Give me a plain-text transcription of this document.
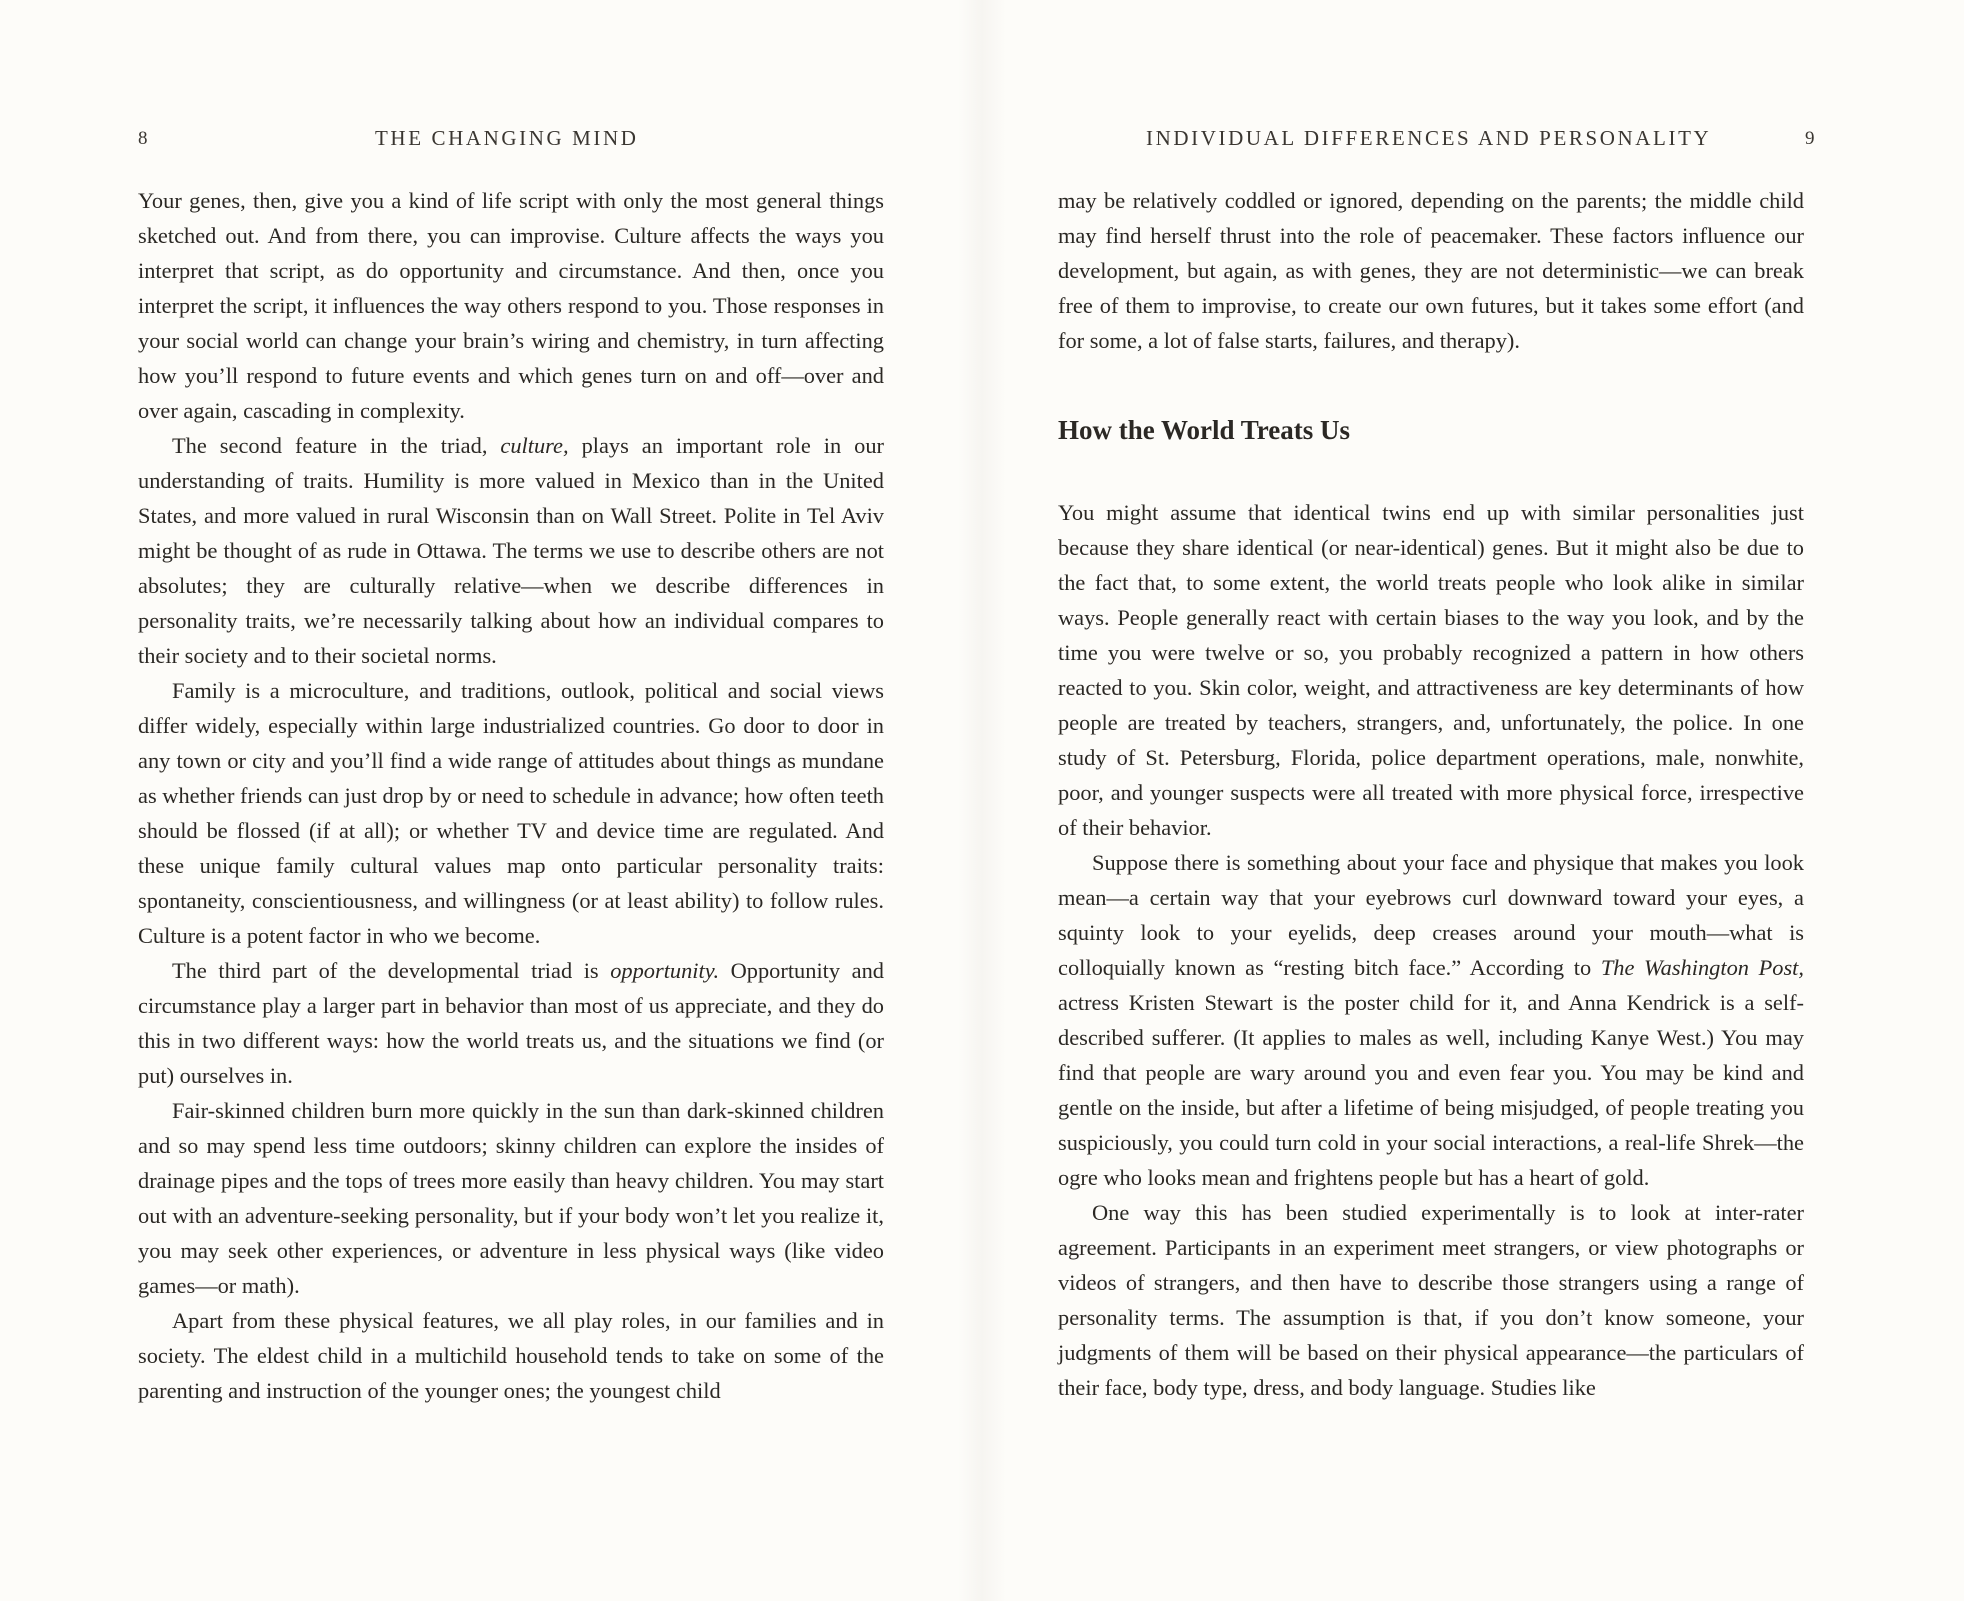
8	THE CHANGING MIND

Your genes, then, give you a kind of life script with only the most general things sketched out. And from there, you can improvise. Culture affects the ways you interpret that script, as do opportunity and circumstance. And then, once you interpret the script, it influences the way others respond to you. Those responses in your social world can change your brain’s wiring and chemistry, in turn affecting how you’ll respond to future events and which genes turn on and off—over and over again, cascading in complexity.

The second feature in the triad, culture, plays an important role in our understanding of traits. Humility is more valued in Mexico than in the United States, and more valued in rural Wisconsin than on Wall Street. Polite in Tel Aviv might be thought of as rude in Ottawa. The terms we use to describe others are not absolutes; they are culturally relative—when we describe differences in personality traits, we’re necessarily talking about how an individual compares to their society and to their societal norms.

Family is a microculture, and traditions, outlook, political and social views differ widely, especially within large industrialized countries. Go door to door in any town or city and you’ll find a wide range of attitudes about things as mundane as whether friends can just drop by or need to schedule in advance; how often teeth should be flossed (if at all); or whether TV and device time are regulated. And these unique family cultural values map onto particular personality traits: spontaneity, conscientiousness, and willingness (or at least ability) to follow rules. Culture is a potent factor in who we become.

The third part of the developmental triad is opportunity. Opportunity and circumstance play a larger part in behavior than most of us appreciate, and they do this in two different ways: how the world treats us, and the situations we find (or put) ourselves in.

Fair-skinned children burn more quickly in the sun than dark-skinned children and so may spend less time outdoors; skinny children can explore the insides of drainage pipes and the tops of trees more easily than heavy children. You may start out with an adventure-seeking personality, but if your body won’t let you realize it, you may seek other experiences, or adventure in less physical ways (like video games—or math).

Apart from these physical features, we all play roles, in our families and in society. The eldest child in a multichild household tends to take on some of the parenting and instruction of the younger ones; the youngest child

INDIVIDUAL DIFFERENCES AND PERSONALITY	9

may be relatively coddled or ignored, depending on the parents; the middle child may find herself thrust into the role of peacemaker. These factors influence our development, but again, as with genes, they are not deterministic—we can break free of them to improvise, to create our own futures, but it takes some effort (and for some, a lot of false starts, failures, and therapy).

How the World Treats Us

You might assume that identical twins end up with similar personalities just because they share identical (or near-identical) genes. But it might also be due to the fact that, to some extent, the world treats people who look alike in similar ways. People generally react with certain biases to the way you look, and by the time you were twelve or so, you probably recognized a pattern in how others reacted to you. Skin color, weight, and attractiveness are key determinants of how people are treated by teachers, strangers, and, unfortunately, the police. In one study of St. Petersburg, Florida, police department operations, male, nonwhite, poor, and younger suspects were all treated with more physical force, irrespective of their behavior.

Suppose there is something about your face and physique that makes you look mean—a certain way that your eyebrows curl downward toward your eyes, a squinty look to your eyelids, deep creases around your mouth—what is colloquially known as “resting bitch face.” According to The Washington Post, actress Kristen Stewart is the poster child for it, and Anna Kendrick is a self-described sufferer. (It applies to males as well, including Kanye West.) You may find that people are wary around you and even fear you. You may be kind and gentle on the inside, but after a lifetime of being misjudged, of people treating you suspiciously, you could turn cold in your social interactions, a real-life Shrek—the ogre who looks mean and frightens people but has a heart of gold.

One way this has been studied experimentally is to look at inter-rater agreement. Participants in an experiment meet strangers, or view photographs or videos of strangers, and then have to describe those strangers using a range of personality terms. The assumption is that, if you don’t know someone, your judgments of them will be based on their physical appearance—the particulars of their face, body type, dress, and body language. Studies like
